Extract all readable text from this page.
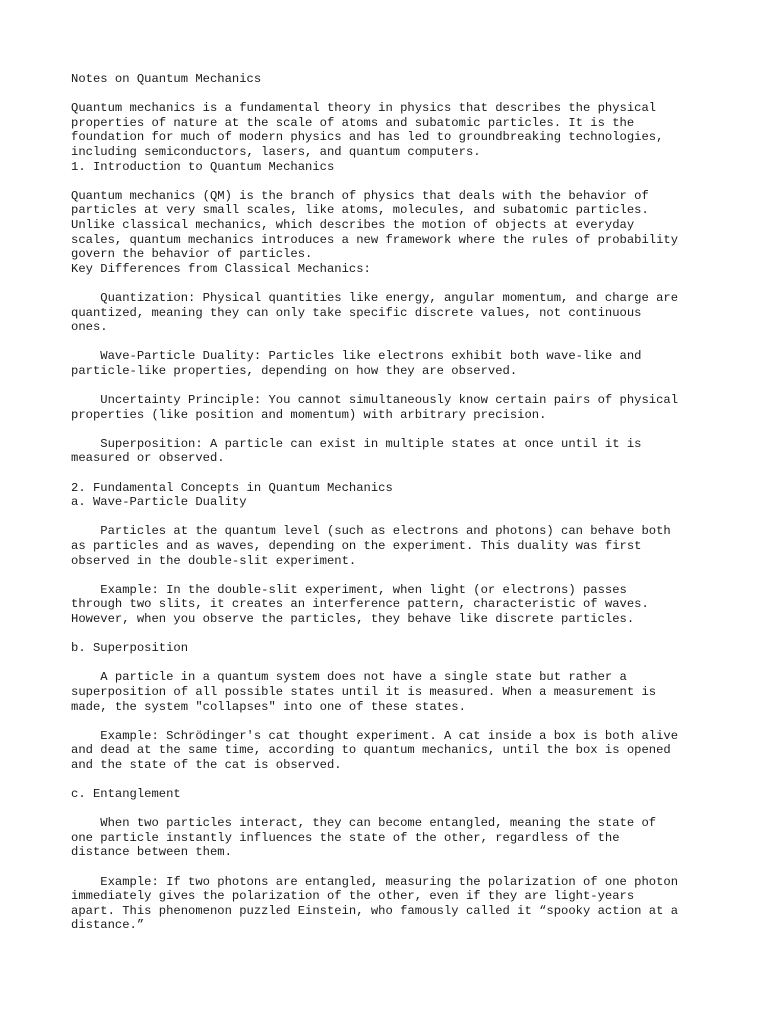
Notes on Quantum Mechanics
Quantum mechanics is a fundamental theory in physics that describes the physical
properties of nature at the scale of atoms and subatomic particles. It is the
foundation for much of modern physics and has led to groundbreaking technologies,
including semiconductors, lasers, and quantum computers.
1. Introduction to Quantum Mechanics
Quantum mechanics (QM) is the branch of physics that deals with the behavior of
particles at very small scales, like atoms, molecules, and subatomic particles.
Unlike classical mechanics, which describes the motion of objects at everyday
scales, quantum mechanics introduces a new framework where the rules of probability
govern the behavior of particles.
Key Differences from Classical Mechanics:
Quantization: Physical quantities like energy, angular momentum, and charge are
quantized, meaning they can only take specific discrete values, not continuous
ones.
Wave-Particle Duality: Particles like electrons exhibit both wave-like and
particle-like properties, depending on how they are observed.
Uncertainty Principle: You cannot simultaneously know certain pairs of physical
properties (like position and momentum) with arbitrary precision.
Superposition: A particle can exist in multiple states at once until it is
measured or observed.
2. Fundamental Concepts in Quantum Mechanics
a. Wave-Particle Duality
Particles at the quantum level (such as electrons and photons) can behave both
as particles and as waves, depending on the experiment. This duality was first
observed in the double-slit experiment.
Example: In the double-slit experiment, when light (or electrons) passes
through two slits, it creates an interference pattern, characteristic of waves.
However, when you observe the particles, they behave like discrete particles.
b. Superposition
A particle in a quantum system does not have a single state but rather a
superposition of all possible states until it is measured. When a measurement is
made, the system "collapses" into one of these states.
Example: Schrödinger's cat thought experiment. A cat inside a box is both alive
and dead at the same time, according to quantum mechanics, until the box is opened
and the state of the cat is observed.
c. Entanglement
When two particles interact, they can become entangled, meaning the state of
one particle instantly influences the state of the other, regardless of the
distance between them.
Example: If two photons are entangled, measuring the polarization of one photon
immediately gives the polarization of the other, even if they are light-years
apart. This phenomenon puzzled Einstein, who famously called it “spooky action at a
distance.”
